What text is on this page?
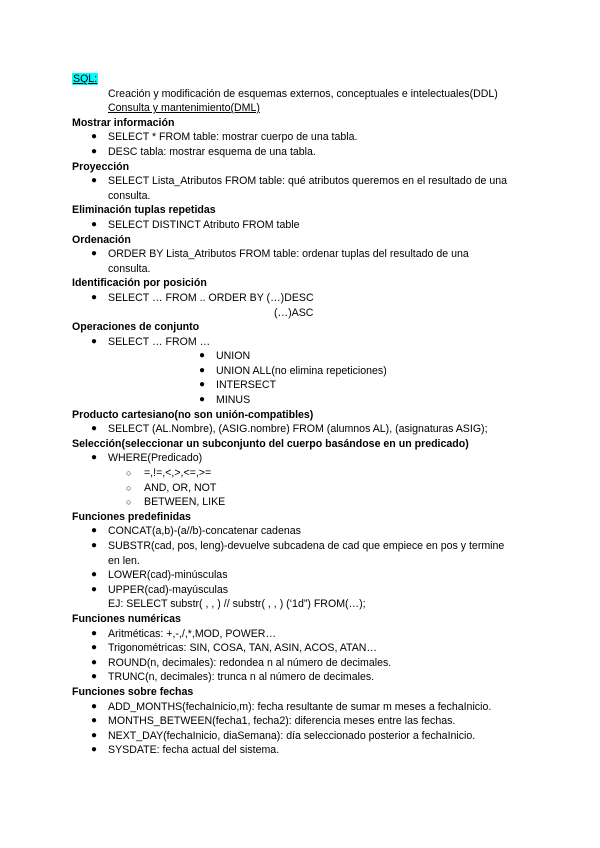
SQL:
Creación y modificación de esquemas externos, conceptuales e intelectuales(DDL)
Consulta y mantenimiento(DML)
Mostrar información
● SELECT * FROM table: mostrar cuerpo de una tabla.
● DESC tabla: mostrar esquema de una tabla.
Proyección
● SELECT Lista_Atributos FROM table: qué atributos queremos en el resultado de una
consulta.
Eliminación tuplas repetidas
● SELECT DISTINCT Atributo FROM table
Ordenación
● ORDER BY Lista_Atributos FROM table: ordenar tuplas del resultado de una
consulta.
Identificación por posición
● SELECT … FROM .. ORDER BY (…)DESC
(…)ASC
Operaciones de conjunto
● SELECT … FROM …
● UNION
● UNION ALL(no elimina repeticiones)
● INTERSECT
● MINUS
Producto cartesiano(no son unión-compatibles)
● SELECT (AL.Nombre), (ASIG.nombre) FROM (alumnos AL), (asignaturas ASIG);
Selección(seleccionar un subconjunto del cuerpo basándose en un predicado)
● WHERE(Predicado)
○ =,!=,<,>,<=,>=
○ AND, OR, NOT
○ BETWEEN, LIKE
Funciones predefinidas
● CONCAT(a,b)-(a//b)-concatenar cadenas
● SUBSTR(cad, pos, leng)-devuelve subcadena de cad que empiece en pos y termine
en len.
● LOWER(cad)-minúsculas
● UPPER(cad)-mayúsculas
EJ: SELECT substr( , , ) // substr( , , ) (‘1d”) FROM(…);
Funciones numéricas
● Aritméticas: +,-,/,*,MOD, POWER…
● Trigonométricas: SIN, COSA, TAN, ASIN, ACOS, ATAN…
● ROUND(n, decimales): redondea n al número de decimales.
● TRUNC(n, decimales): trunca n al número de decimales.
Funciones sobre fechas
● ADD_MONTHS(fechaInicio,m): fecha resultante de sumar m meses a fechaInicio.
● MONTHS_BETWEEN(fecha1, fecha2): diferencia meses entre las fechas.
● NEXT_DAY(fechaInicio, diaSemana): día seleccionado posterior a fechaInicio.
● SYSDATE: fecha actual del sistema.
